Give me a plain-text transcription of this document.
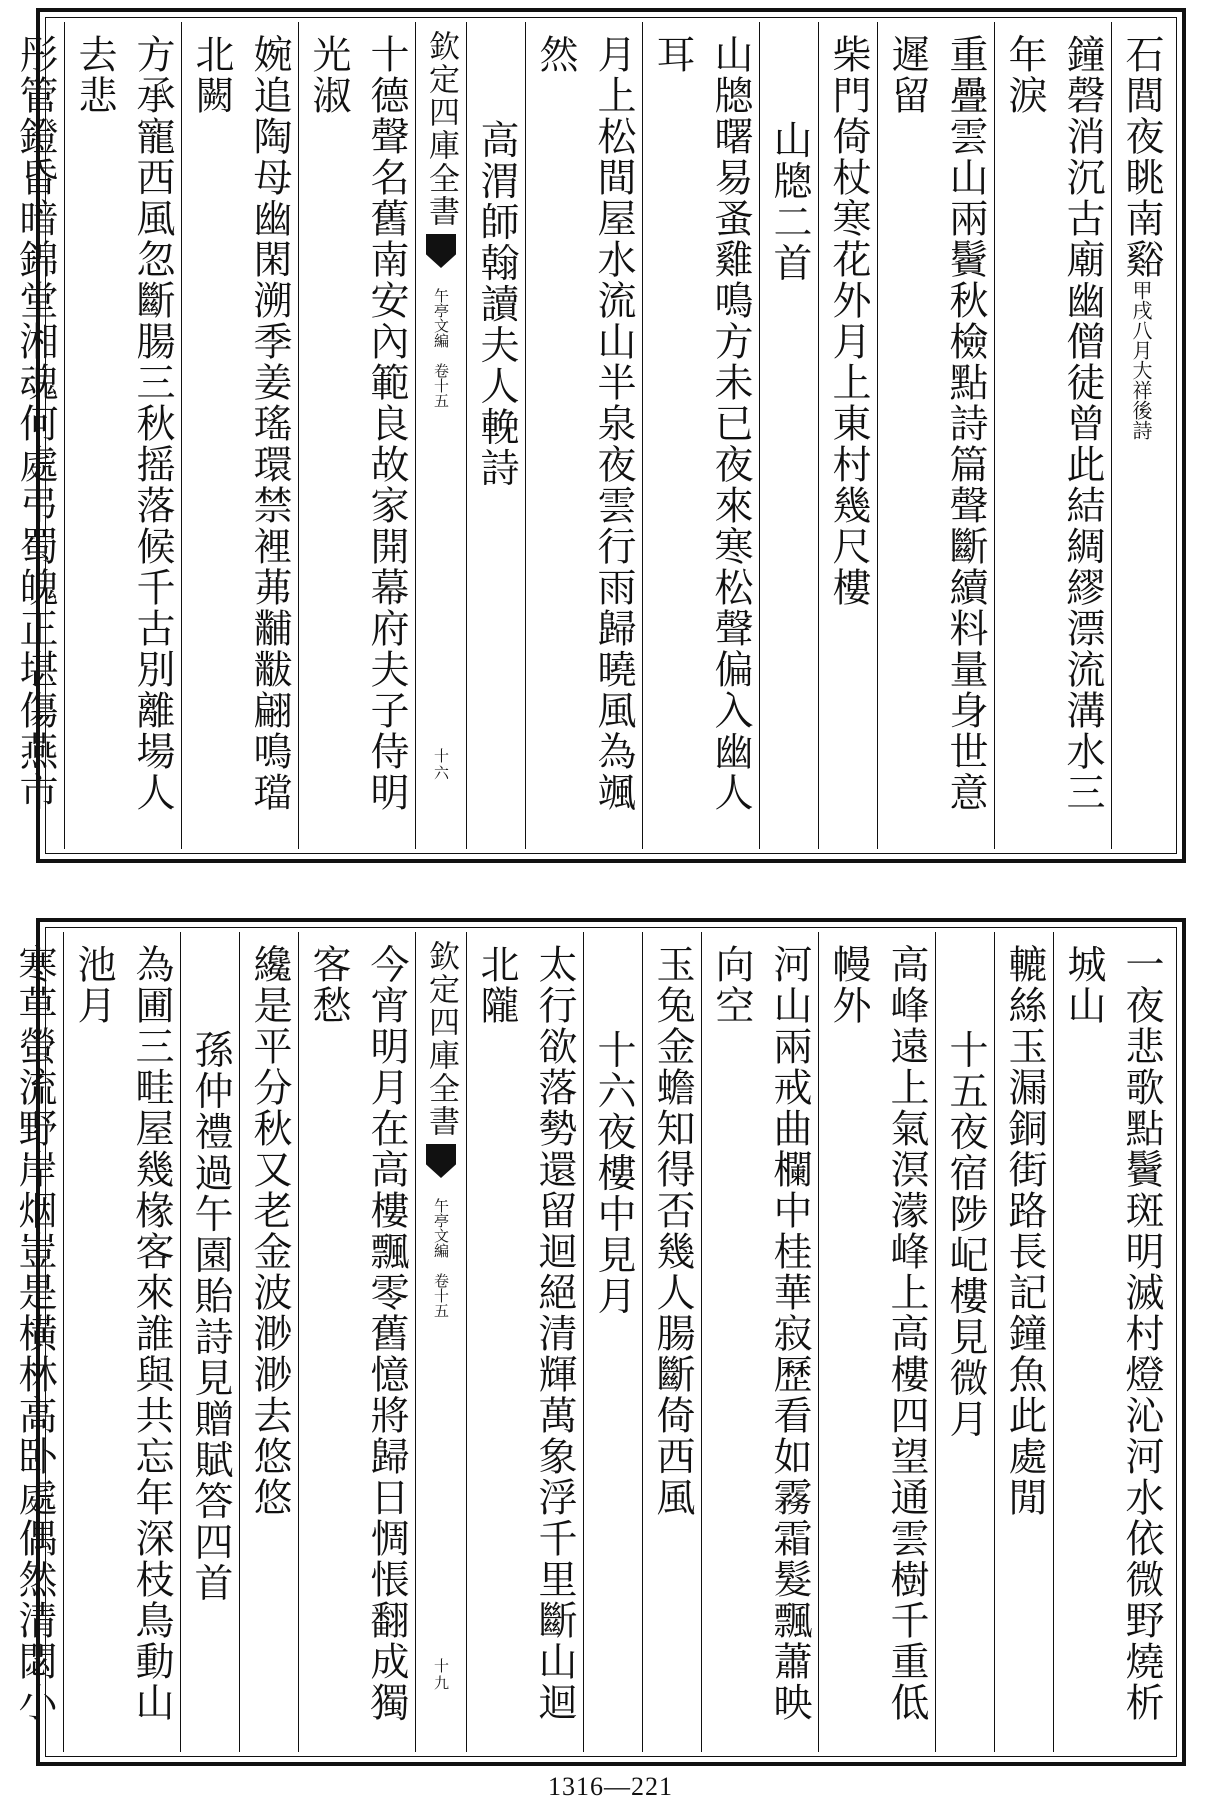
石閭夜眺南谿甲戌八月大祥後詩
鐘磬消沉古廟幽僧徒曾此結綢繆漂流溝水三年淚
重疊雲山兩鬢秋檢點詩篇聲斷續料量身世意遲留
柴門倚杖寒花外月上東村幾尺樓
山牕二首
山牕曙易蚤雞鳴方未已夜來寒松聲偏入幽人耳
月上松間屋水流山半泉夜雲行雨歸曉風為颯然
高渭師翰讀夫人輓詩
欽定四庫全書午亭文編　卷十五十六
十德聲名舊南安內範良故家開幕府夫子侍明光淑
婉追陶母幽閑溯季姜瑤環禁裡茀黼黻翩鳴璫北闕
方承寵西風忽斷腸三秋摇落候千古別離場人去悲
彤管鐙昏暗錦堂湘魂何處弔蜀魄正堪傷燕市
一夜悲歌點鬢斑明滅村燈沁河水依微野燒析城山
轆絲玉漏銅街路長記鐘魚此處閒
十五夜宿陟屺樓見微月
高峰遠上氣溟濛峰上高樓四望通雲樹千重低幔外
河山兩戒曲欄中桂華寂歷看如霧霜髮飄蕭映向空
玉兔金蟾知得否幾人腸斷倚西風
十六夜樓中見月
太行欲落勢還留迴絕清輝萬象浮千里斷山迴北隴
欽定四庫全書午亭文編　卷十五十九
今宵明月在高樓飄零舊憶將歸日惆悵翻成獨客愁
纔是平分秋又老金波渺渺去悠悠
孫仲禮過午園貽詩見贈賦答四首
為圃三畦屋幾椽客來誰與共忘年深枝鳥動山池月
寒草螢流野岸烟豈是橫林高卧處偶然清閟小
1316—221
